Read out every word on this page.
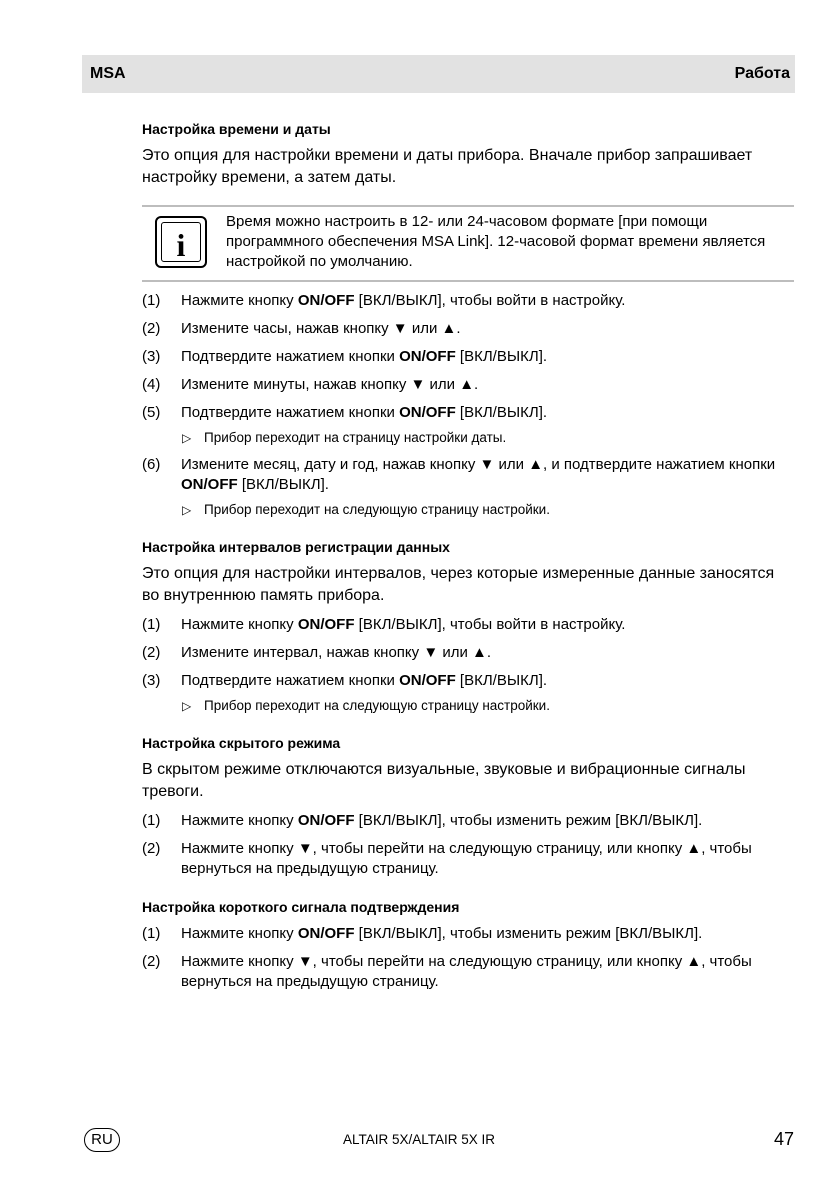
MSA	Работа
Настройка времени и даты

Это опция для настройки времени и даты прибора. Вначале прибор запрашивает настройку времени, а затем даты.

i
Время можно настроить в 12- или 24-часовом формате [при помощи программного обеспечения MSA Link]. 12-часовой формат времени является настройкой по умолчанию.
(1) Нажмите кнопку ON/OFF [ВКЛ/ВЫКЛ], чтобы войти в настройку.
(2) Измените часы, нажав кнопку ▼ или ▲.
(3) Подтвердите нажатием кнопки ON/OFF [ВКЛ/ВЫКЛ].
(4) Измените минуты, нажав кнопку ▼ или ▲.
(5) Подтвердите нажатием кнопки ON/OFF [ВКЛ/ВЫКЛ].
▷ Прибор переходит на страницу настройки даты.
(6) Измените месяц, дату и год, нажав кнопку ▼ или ▲, и подтвердите нажатием кнопки ON/OFF [ВКЛ/ВЫКЛ].
▷ Прибор переходит на следующую страницу настройки.
Настройка интервалов регистрации данных

Это опция для настройки интервалов, через которые измеренные данные заносятся во внутреннюю память прибора.

(1) Нажмите кнопку ON/OFF [ВКЛ/ВЫКЛ], чтобы войти в настройку.
(2) Измените интервал, нажав кнопку ▼ или ▲.
(3) Подтвердите нажатием кнопки ON/OFF [ВКЛ/ВЫКЛ].
▷ Прибор переходит на следующую страницу настройки.
Настройка скрытого режима

В скрытом режиме отключаются визуальные, звуковые и вибрационные сигналы тревоги.

(1) Нажмите кнопку ON/OFF [ВКЛ/ВЫКЛ], чтобы изменить режим [ВКЛ/ВЫКЛ].
(2) Нажмите кнопку ▼, чтобы перейти на следующую страницу, или кнопку ▲, чтобы вернуться на предыдущую страницу.
Настройка короткого сигнала подтверждения
(1) Нажмите кнопку ON/OFF [ВКЛ/ВЫКЛ], чтобы изменить режим [ВКЛ/ВЫКЛ].
(2) Нажмите кнопку ▼, чтобы перейти на следующую страницу, или кнопку ▲, чтобы вернуться на предыдущую страницу.
RU	ALTAIR 5X/ALTAIR 5X IR	47
